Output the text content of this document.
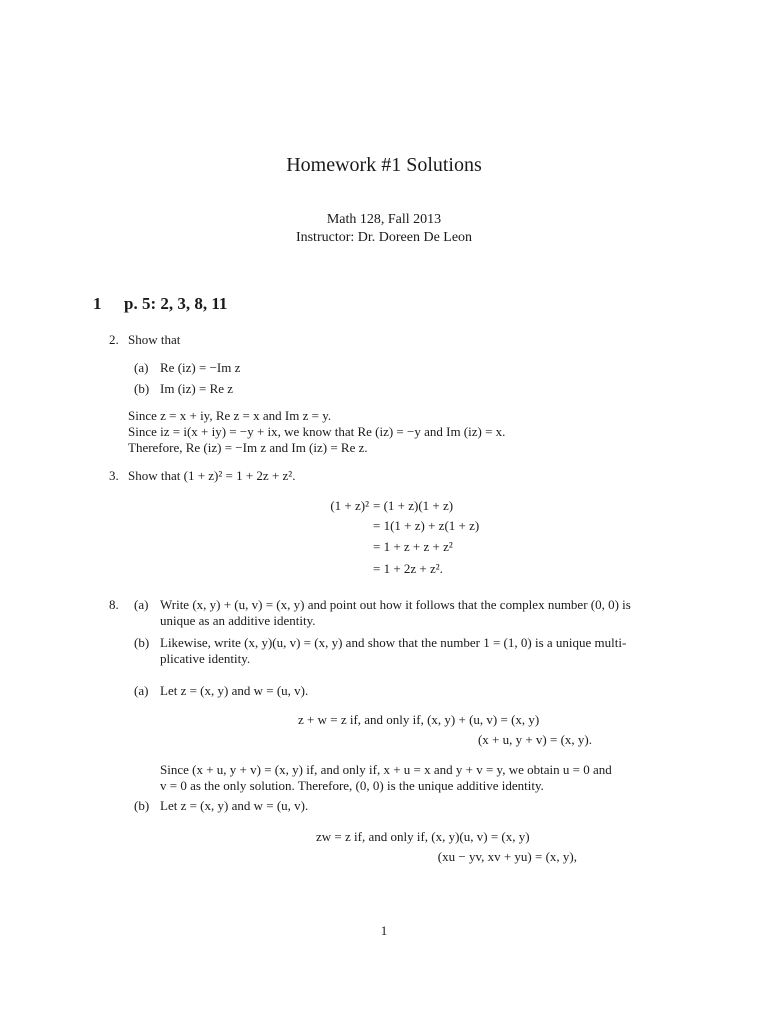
Homework #1 Solutions
Math 128, Fall 2013
Instructor: Dr. Doreen De Leon
1 p. 5: 2, 3, 8, 11
2. Show that
(a) Re (iz) = −Im z
(b) Im (iz) = Re z
Since z = x + iy, Re z = x and Im z = y.
Since iz = i(x + iy) = −y + ix, we know that Re (iz) = −y and Im (iz) = x.
Therefore, Re (iz) = −Im z and Im (iz) = Re z.
3. Show that (1 + z)² = 1 + 2z + z².
(1 + z)² = (1 + z)(1 + z)
= 1(1 + z) + z(1 + z)
= 1 + z + z + z²
= 1 + 2z + z².
8. (a) Write (x, y) + (u, v) = (x, y) and point out how it follows that the complex number (0, 0) is
unique as an additive identity.
(b) Likewise, write (x, y)(u, v) = (x, y) and show that the number 1 = (1, 0) is a unique multi-
plicative identity.
(a) Let z = (x, y) and w = (u, v).
z + w = z if, and only if, (x, y) + (u, v) = (x, y)
(x + u, y + v) = (x, y).
Since (x + u, y + v) = (x, y) if, and only if, x + u = x and y + v = y, we obtain u = 0 and
v = 0 as the only solution. Therefore, (0, 0) is the unique additive identity.
(b) Let z = (x, y) and w = (u, v).
zw = z if, and only if, (x, y)(u, v) = (x, y)
(xu − yv, xv + yu) = (x, y),
1
